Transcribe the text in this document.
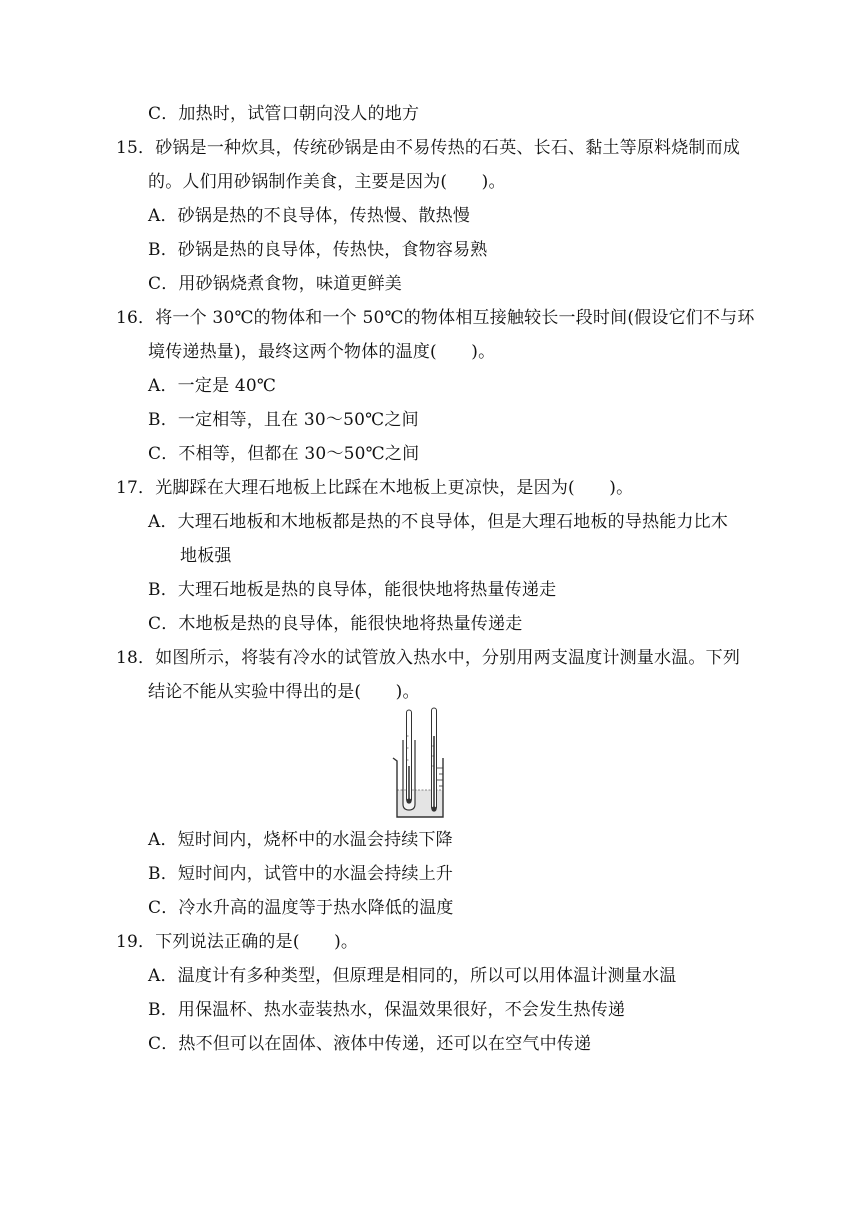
C．加热时，试管口朝向没人的地方
15．砂锅是一种炊具，传统砂锅是由不易传热的石英、长石、黏土等原料烧制而成
的。人们用砂锅制作美食，主要是因为(　　)。
A．砂锅是热的不良导体，传热慢、散热慢
B．砂锅是热的良导体，传热快，食物容易熟
C．用砂锅烧煮食物，味道更鲜美
16．将一个 30℃的物体和一个 50℃的物体相互接触较长一段时间(假设它们不与环
境传递热量)，最终这两个物体的温度(　　)。
A．一定是 40℃
B．一定相等，且在 30～50℃之间
C．不相等，但都在 30～50℃之间
17．光脚踩在大理石地板上比踩在木地板上更凉快，是因为(　　)。
A．大理石地板和木地板都是热的不良导体，但是大理石地板的导热能力比木
地板强
B．大理石地板是热的良导体，能很快地将热量传递走
C．木地板是热的良导体，能很快地将热量传递走
18．如图所示，将装有冷水的试管放入热水中，分别用两支温度计测量水温。下列
结论不能从实验中得出的是(　　)。
A．短时间内，烧杯中的水温会持续下降
B．短时间内，试管中的水温会持续上升
C．冷水升高的温度等于热水降低的温度
19．下列说法正确的是(　　)。
A．温度计有多种类型，但原理是相同的，所以可以用体温计测量水温
B．用保温杯、热水壶装热水，保温效果很好，不会发生热传递
C．热不但可以在固体、液体中传递，还可以在空气中传递
